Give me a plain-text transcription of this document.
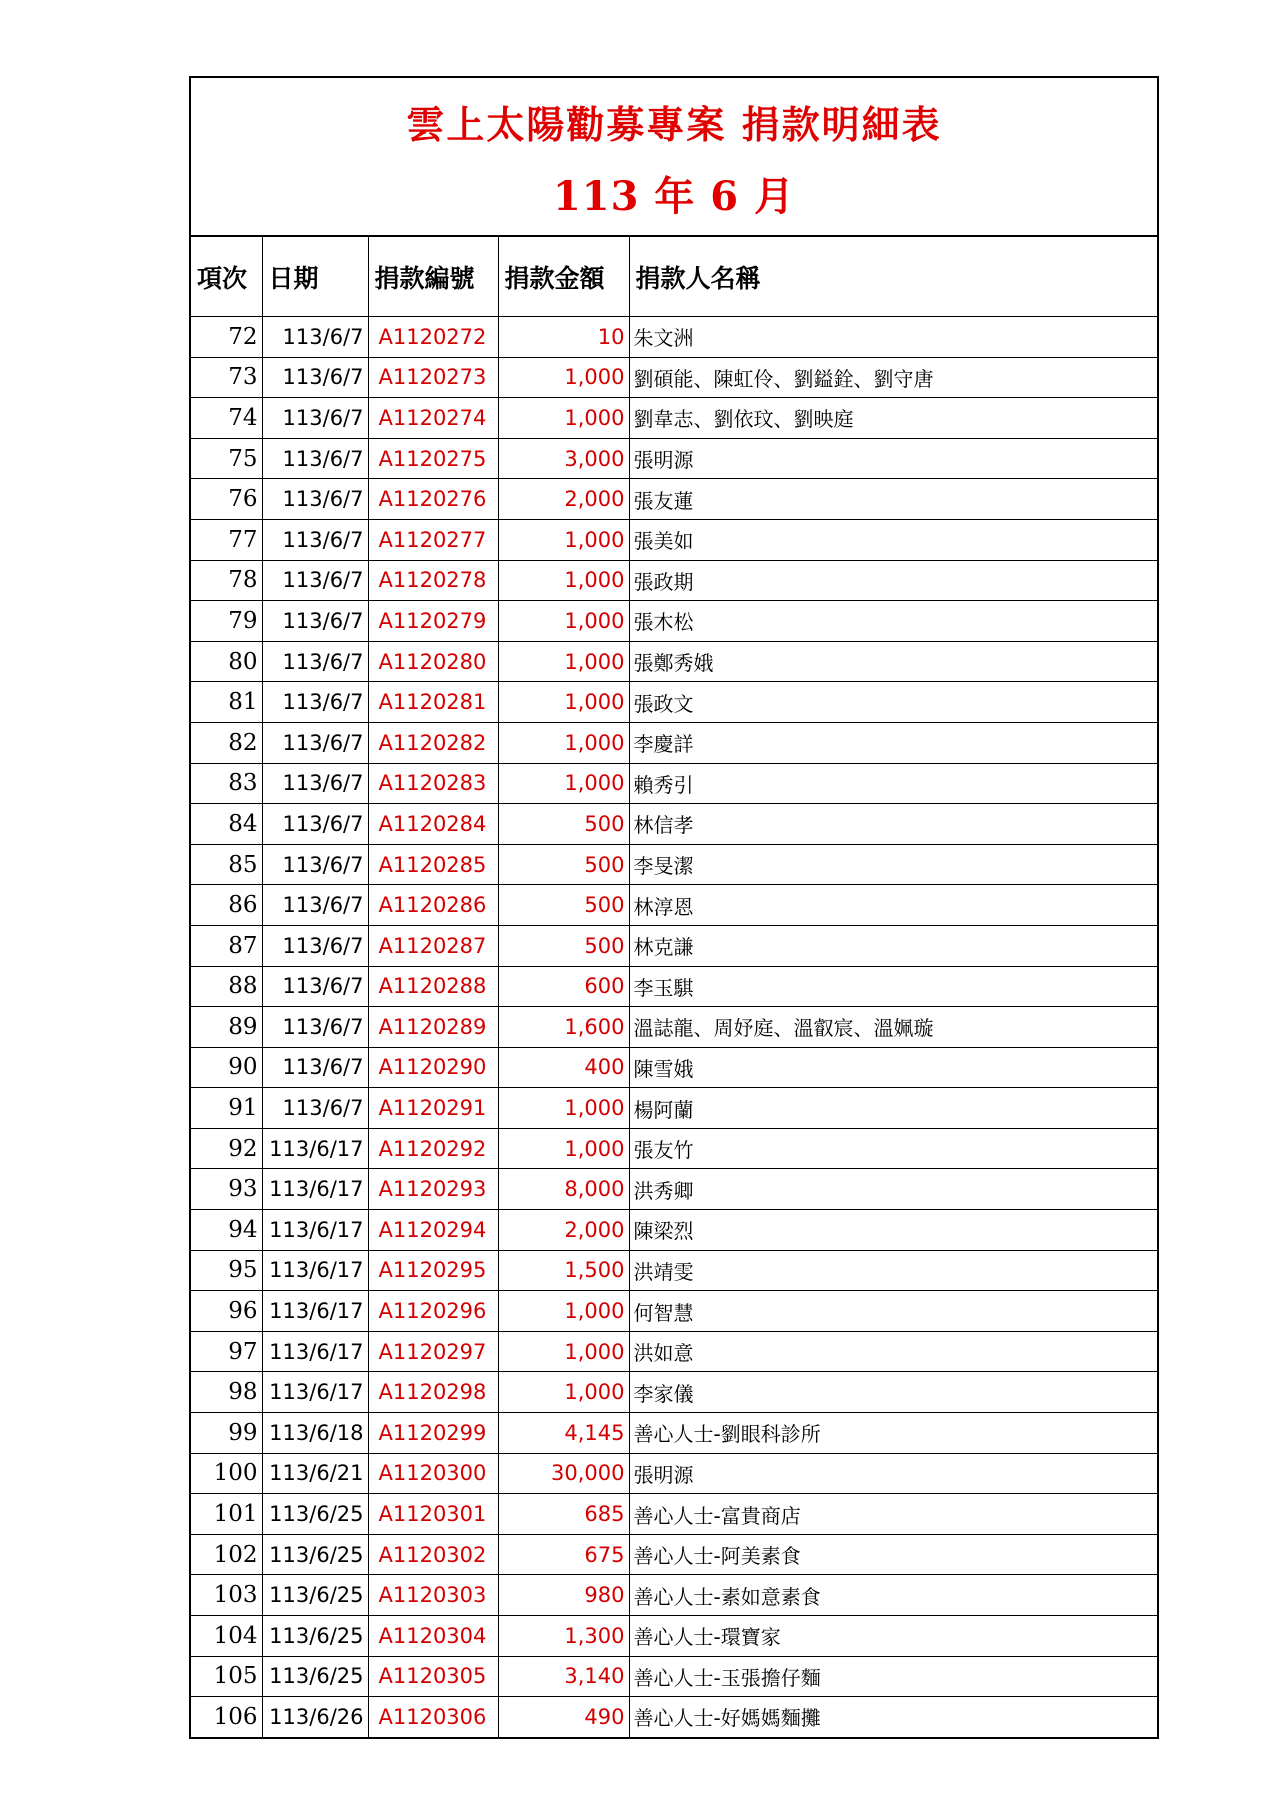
雲上太陽勸募專案 捐款明細表
113 年 6 月
項次	日期	捐款編號	捐款金額	捐款人名稱
72	113/6/7	A1120272	10	朱文洲
73	113/6/7	A1120273	1,000	劉碩能、陳虹伶、劉鎰銓、劉守唐
74	113/6/7	A1120274	1,000	劉韋志、劉依玟、劉映庭
75	113/6/7	A1120275	3,000	張明源
76	113/6/7	A1120276	2,000	張友蓮
77	113/6/7	A1120277	1,000	張美如
78	113/6/7	A1120278	1,000	張政期
79	113/6/7	A1120279	1,000	張木松
80	113/6/7	A1120280	1,000	張鄭秀娥
81	113/6/7	A1120281	1,000	張政文
82	113/6/7	A1120282	1,000	李慶詳
83	113/6/7	A1120283	1,000	賴秀引
84	113/6/7	A1120284	500	林信孝
85	113/6/7	A1120285	500	李旻潔
86	113/6/7	A1120286	500	林淳恩
87	113/6/7	A1120287	500	林克謙
88	113/6/7	A1120288	600	李玉騏
89	113/6/7	A1120289	1,600	溫誌龍、周妤庭、溫叡宸、溫姵璇
90	113/6/7	A1120290	400	陳雪娥
91	113/6/7	A1120291	1,000	楊阿蘭
92	113/6/17	A1120292	1,000	張友竹
93	113/6/17	A1120293	8,000	洪秀卿
94	113/6/17	A1120294	2,000	陳梁烈
95	113/6/17	A1120295	1,500	洪靖雯
96	113/6/17	A1120296	1,000	何智慧
97	113/6/17	A1120297	1,000	洪如意
98	113/6/17	A1120298	1,000	李家儀
99	113/6/18	A1120299	4,145	善心人士-劉眼科診所
100	113/6/21	A1120300	30,000	張明源
101	113/6/25	A1120301	685	善心人士-富貴商店
102	113/6/25	A1120302	675	善心人士-阿美素食
103	113/6/25	A1120303	980	善心人士-素如意素食
104	113/6/25	A1120304	1,300	善心人士-環寶家
105	113/6/25	A1120305	3,140	善心人士-玉張擔仔麵
106	113/6/26	A1120306	490	善心人士-好媽媽麵攤
